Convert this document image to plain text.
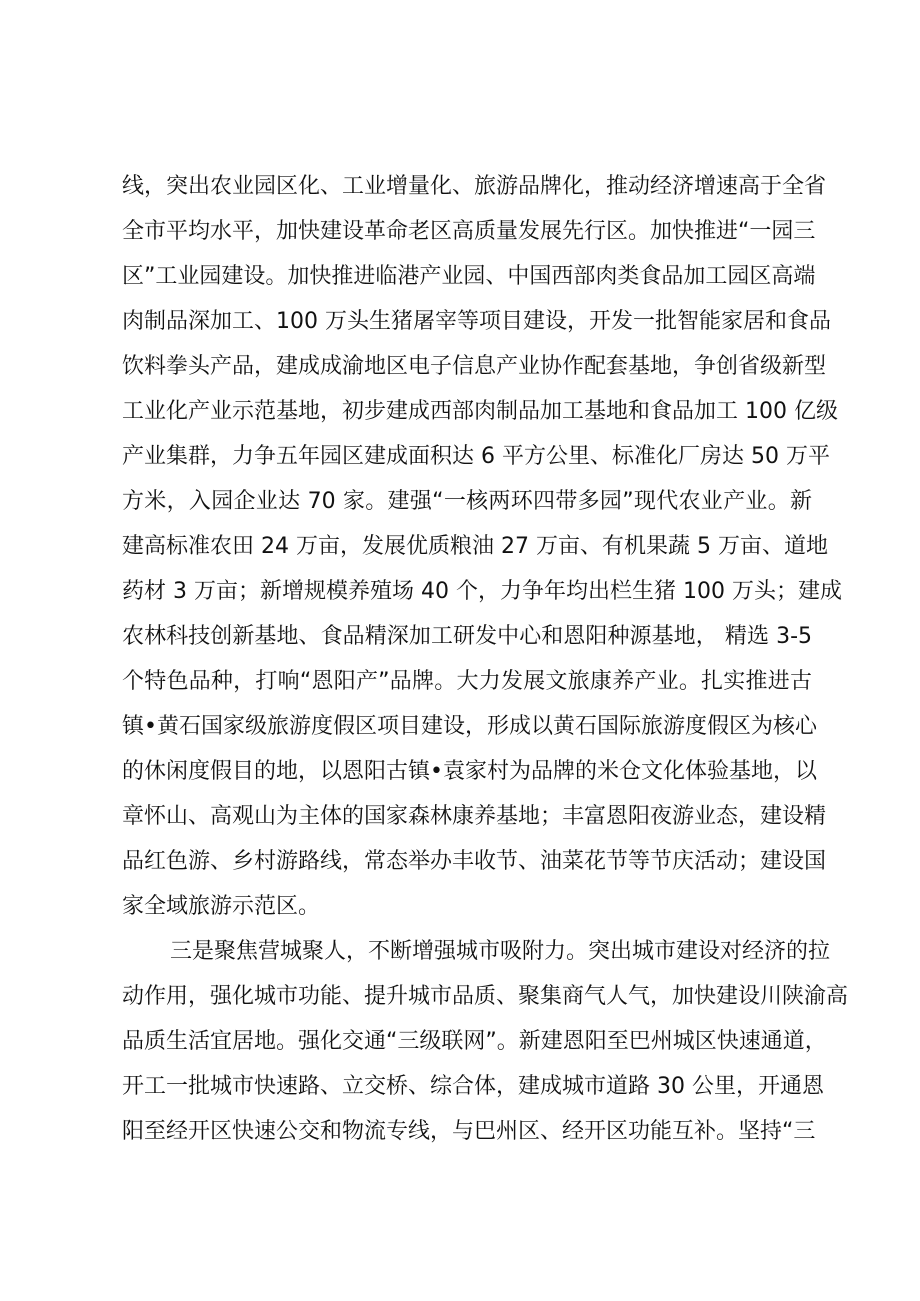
线，突出农业园区化、工业增量化、旅游品牌化，推动经济增速高于全省
全市平均水平，加快建设革命老区高质量发展先行区。加快推进“一园三
区”工业园建设。加快推进临港产业园、中国西部肉类食品加工园区高端
肉制品深加工、100 万头生猪屠宰等项目建设，开发一批智能家居和食品
饮料拳头产品，建成成渝地区电子信息产业协作配套基地，争创省级新型
工业化产业示范基地，初步建成西部肉制品加工基地和食品加工 100 亿级
产业集群，力争五年园区建成面积达 6 平方公里、标准化厂房达 50 万平
方米，入园企业达 70 家。建强“一核两环四带多园”现代农业产业。新
建高标准农田 24 万亩，发展优质粮油 27 万亩、有机果蔬 5 万亩、道地
药材 3 万亩；新增规模养殖场 40 个，力争年均出栏生猪 100 万头；建成
农林科技创新基地、食品精深加工研发中心和恩阳种源基地， 精选 3-5
个特色品种，打响“恩阳产”品牌。大力发展文旅康养产业。扎实推进古
镇•黄石国家级旅游度假区项目建设，形成以黄石国际旅游度假区为核心
的休闲度假目的地，以恩阳古镇•袁家村为品牌的米仓文化体验基地，以
章怀山、高观山为主体的国家森林康养基地；丰富恩阳夜游业态，建设精
品红色游、乡村游路线，常态举办丰收节、油菜花节等节庆活动；建设国
家全域旅游示范区。
三是聚焦营城聚人，不断增强城市吸附力。突出城市建设对经济的拉
动作用，强化城市功能、提升城市品质、聚集商气人气，加快建设川陕渝高
品质生活宜居地。强化交通“三级联网”。新建恩阳至巴州城区快速通道，
开工一批城市快速路、立交桥、综合体，建成城市道路 30 公里，开通恩
阳至经开区快速公交和物流专线，与巴州区、经开区功能互补。坚持“三
